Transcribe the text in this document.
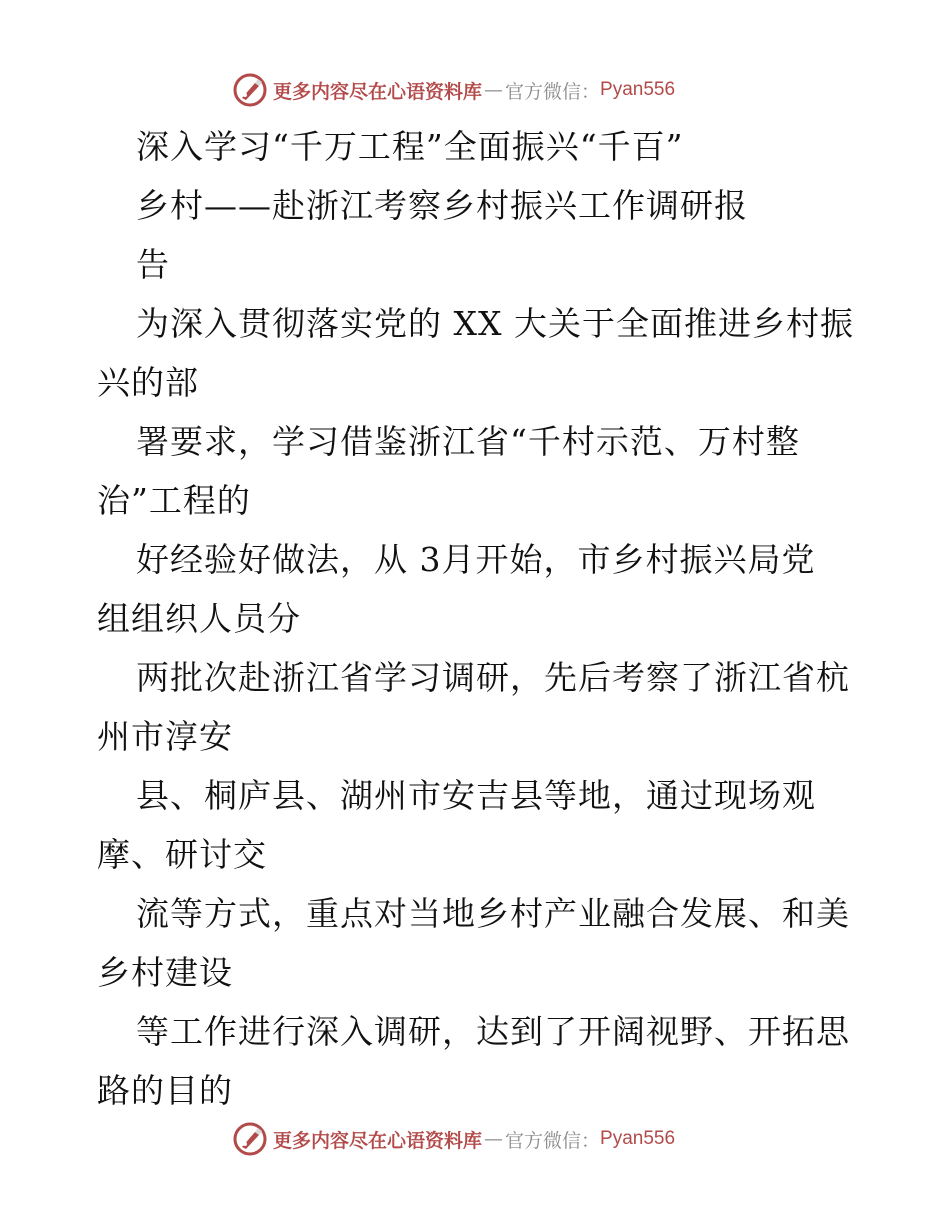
更多内容尽在心语资料库 — 官方微信： Pyan556
深入学习“千万工程”全面振兴“千百”
乡村——赴浙江考察乡村振兴工作调研报
告
为深入贯彻落实党的 XX 大关于全面推进乡村振
兴的部
署要求，学习借鉴浙江省“千村示范、万村整
治”工程的
好经验好做法，从 3月开始，市乡村振兴局党
组组织人员分
两批次赴浙江省学习调研，先后考察了浙江省杭
州市淳安
县、桐庐县、湖州市安吉县等地，通过现场观
摩、研讨交
流等方式，重点对当地乡村产业融合发展、和美
乡村建设
等工作进行深入调研，达到了开阔视野、开拓思
路的目的
更多内容尽在心语资料库 — 官方微信： Pyan556
